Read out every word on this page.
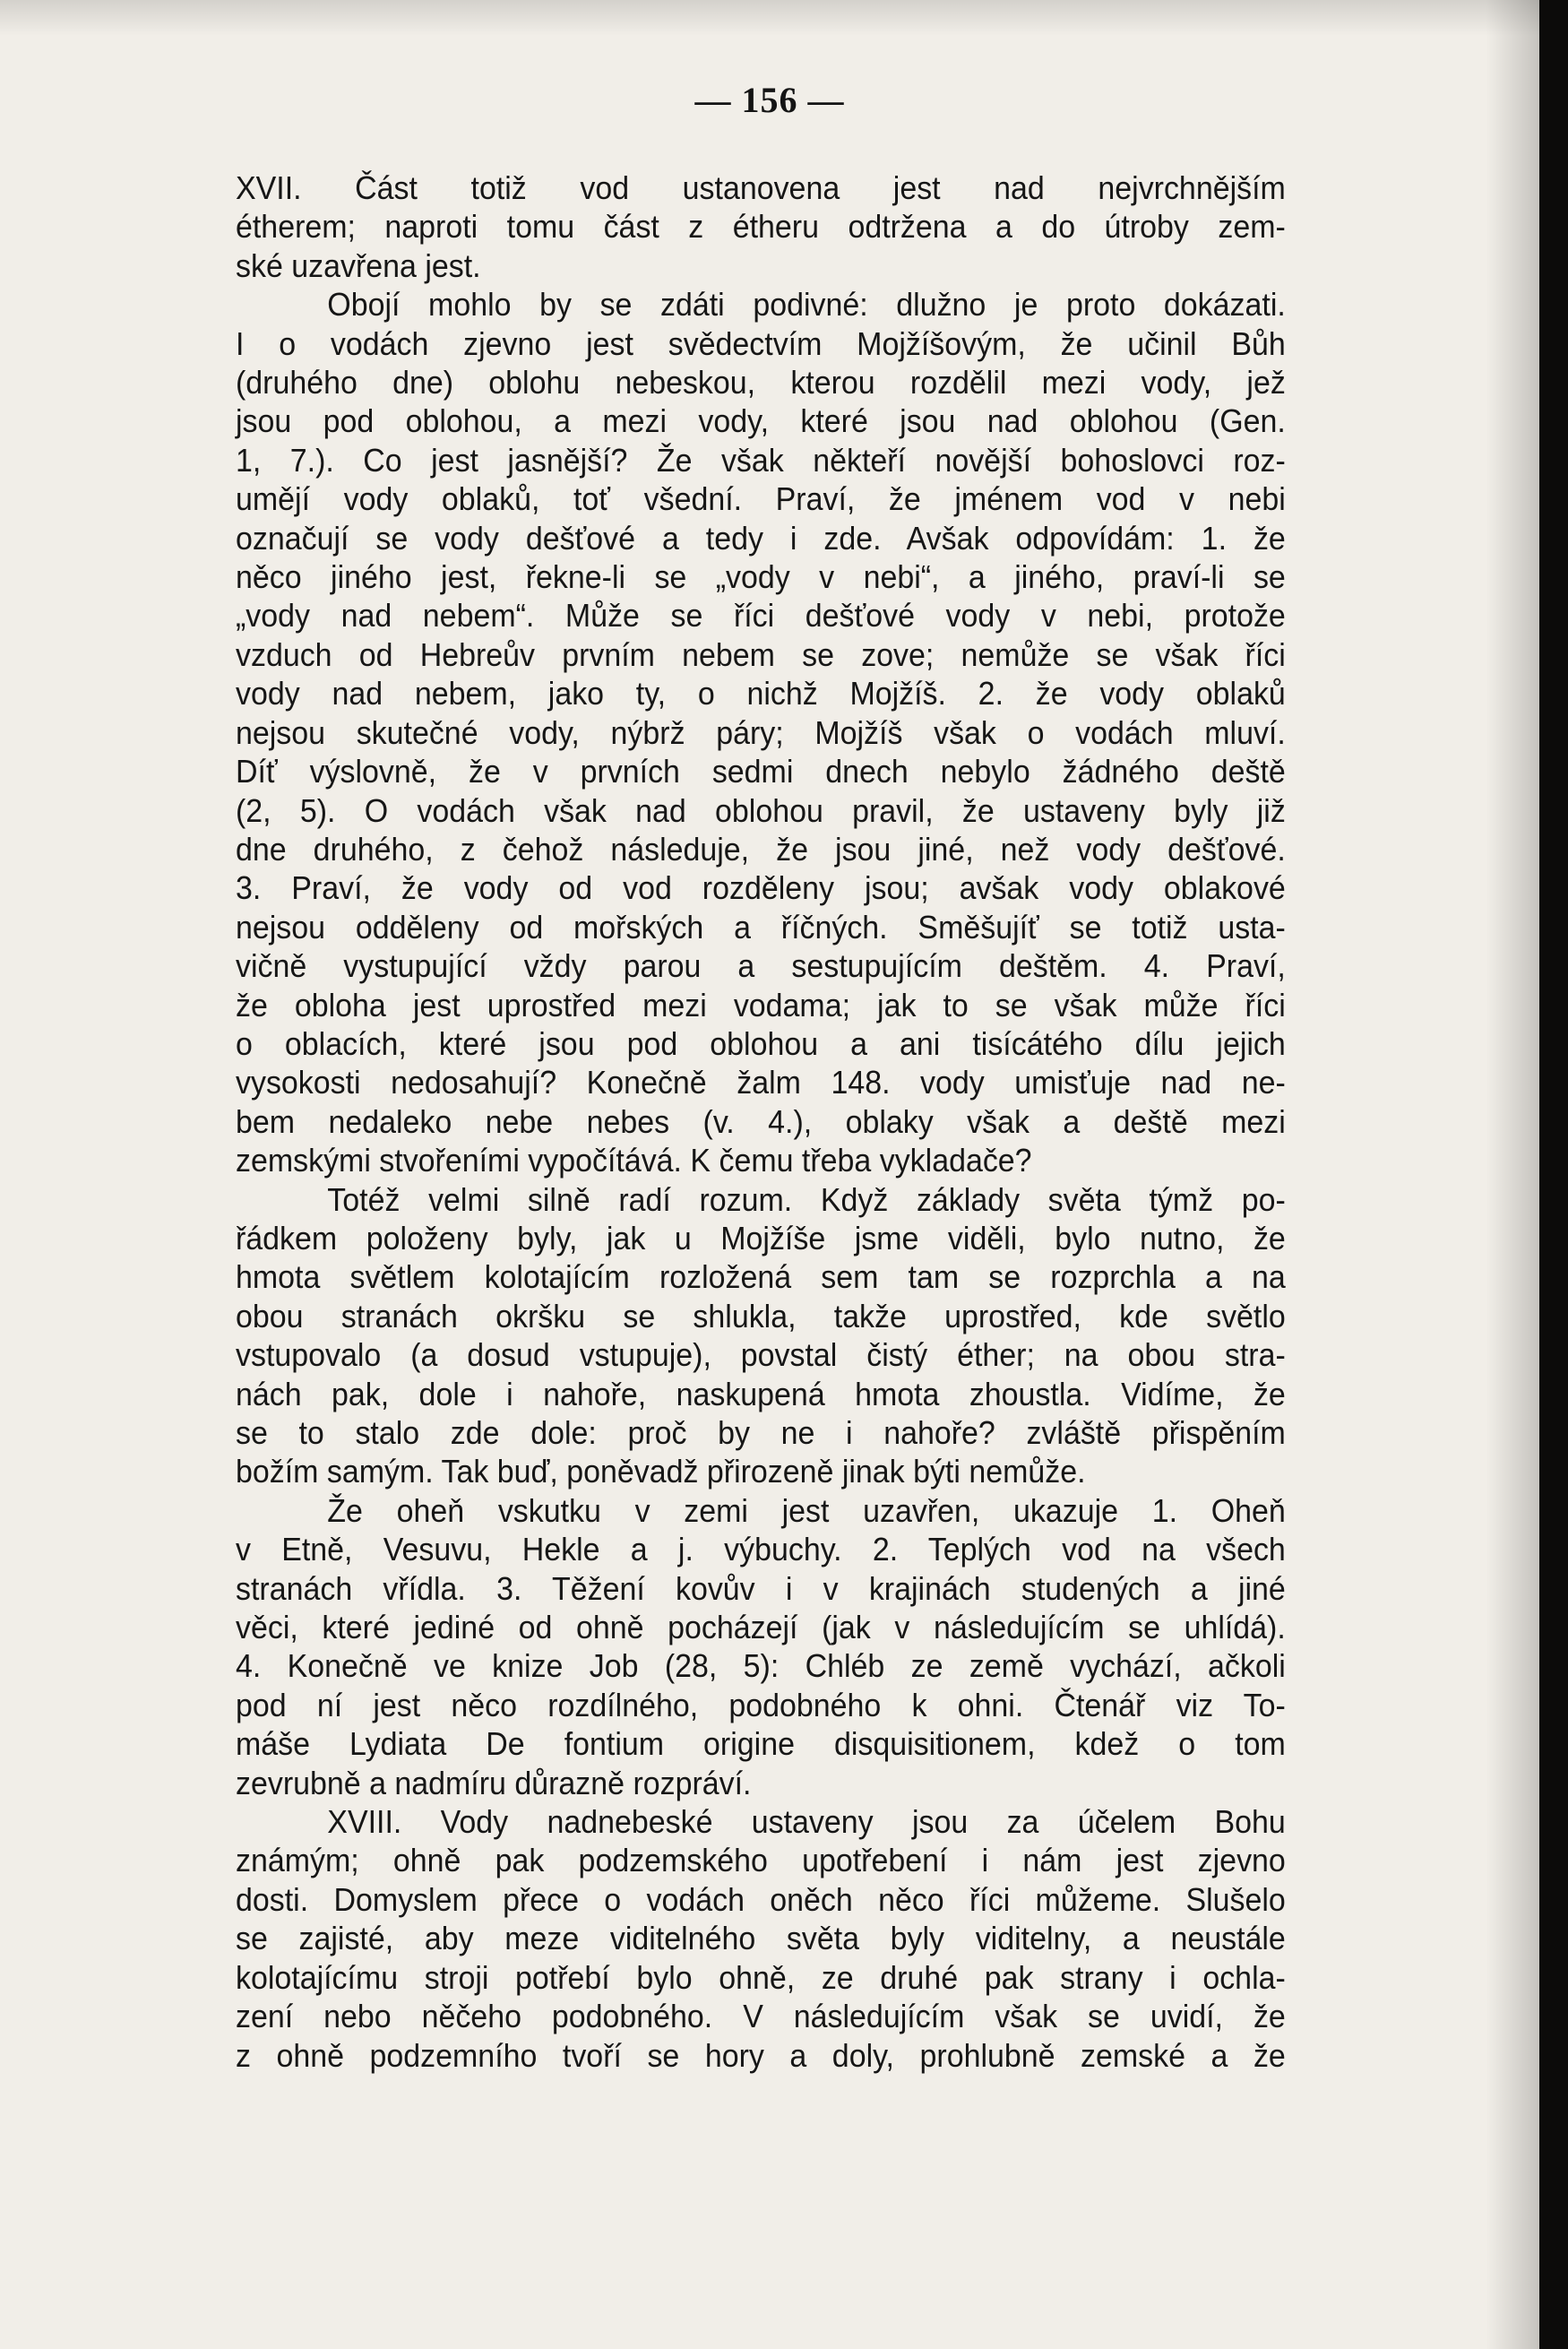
— 156 —
XVII. Část totiž vod ustanovena jest nad nejvrchnějším
étherem; naproti tomu část z étheru odtržena a do útroby zem-
ské uzavřena jest.
Obojí mohlo by se zdáti podivné: dlužno je proto dokázati.
I o vodách zjevno jest svědectvím Mojžíšovým, že učinil Bůh
(druhého dne) oblohu nebeskou, kterou rozdělil mezi vody, jež
jsou pod oblohou, a mezi vody, které jsou nad oblohou (Gen.
1, 7.). Co jest jasnější? Že však někteří novější bohoslovci roz-
umějí vody oblaků, toť všední. Praví, že jménem vod v nebi
označují se vody dešťové a tedy i zde. Avšak odpovídám: 1. že
něco jiného jest, řekne-li se „vody v nebi“, a jiného, praví-li se
„vody nad nebem“. Může se říci dešťové vody v nebi, protože
vzduch od Hebreův prvním nebem se zove; nemůže se však říci
vody nad nebem, jako ty, o nichž Mojžíš. 2. že vody oblaků
nejsou skutečné vody, nýbrž páry; Mojžíš však o vodách mluví.
Díť výslovně, že v prvních sedmi dnech nebylo žádného deště
(2, 5). O vodách však nad oblohou pravil, že ustaveny byly již
dne druhého, z čehož následuje, že jsou jiné, než vody dešťové.
3. Praví, že vody od vod rozděleny jsou; avšak vody oblakové
nejsou odděleny od mořských a říčných. Směšujíť se totiž usta-
vičně vystupující vždy parou a sestupujícím deštěm. 4. Praví,
že obloha jest uprostřed mezi vodama; jak to se však může říci
o oblacích, které jsou pod oblohou a ani tisícátého dílu jejich
vysokosti nedosahují? Konečně žalm 148. vody umisťuje nad ne-
bem nedaleko nebe nebes (v. 4.), oblaky však a deště mezi
zemskými stvořeními vypočítává. K čemu třeba vykladače?
Totéž velmi silně radí rozum. Když základy světa týmž po-
řádkem položeny byly, jak u Mojžíše jsme viděli, bylo nutno, že
hmota světlem kolotajícím rozložená sem tam se rozprchla a na
obou stranách okršku se shlukla, takže uprostřed, kde světlo
vstupovalo (a dosud vstupuje), povstal čistý éther; na obou stra-
nách pak, dole i nahoře, naskupená hmota zhoustla. Vidíme, že
se to stalo zde dole: proč by ne i nahoře? zvláště přispěním
božím samým. Tak buď, poněvadž přirozeně jinak býti nemůže.
Že oheň vskutku v zemi jest uzavřen, ukazuje 1. Oheň
v Etně, Vesuvu, Hekle a j. výbuchy. 2. Teplých vod na všech
stranách vřídla. 3. Těžení kovův i v krajinách studených a jiné
věci, které jediné od ohně pocházejí (jak v následujícím se uhlídá).
4. Konečně ve knize Job (28, 5): Chléb ze země vychází, ačkoli
pod ní jest něco rozdílného, podobného k ohni. Čtenář viz To-
máše Lydiata De fontium origine disquisitionem, kdež o tom
zevrubně a nadmíru důrazně rozpráví.
XVIII. Vody nadnebeské ustaveny jsou za účelem Bohu
známým; ohně pak podzemského upotřebení i nám jest zjevno
dosti. Domyslem přece o vodách oněch něco říci můžeme. Slušelo
se zajisté, aby meze viditelného světa byly viditelny, a neustále
kolotajícímu stroji potřebí bylo ohně, ze druhé pak strany i ochla-
zení nebo něčeho podobného. V následujícím však se uvidí, že
z ohně podzemního tvoří se hory a doly, prohlubně zemské a že
